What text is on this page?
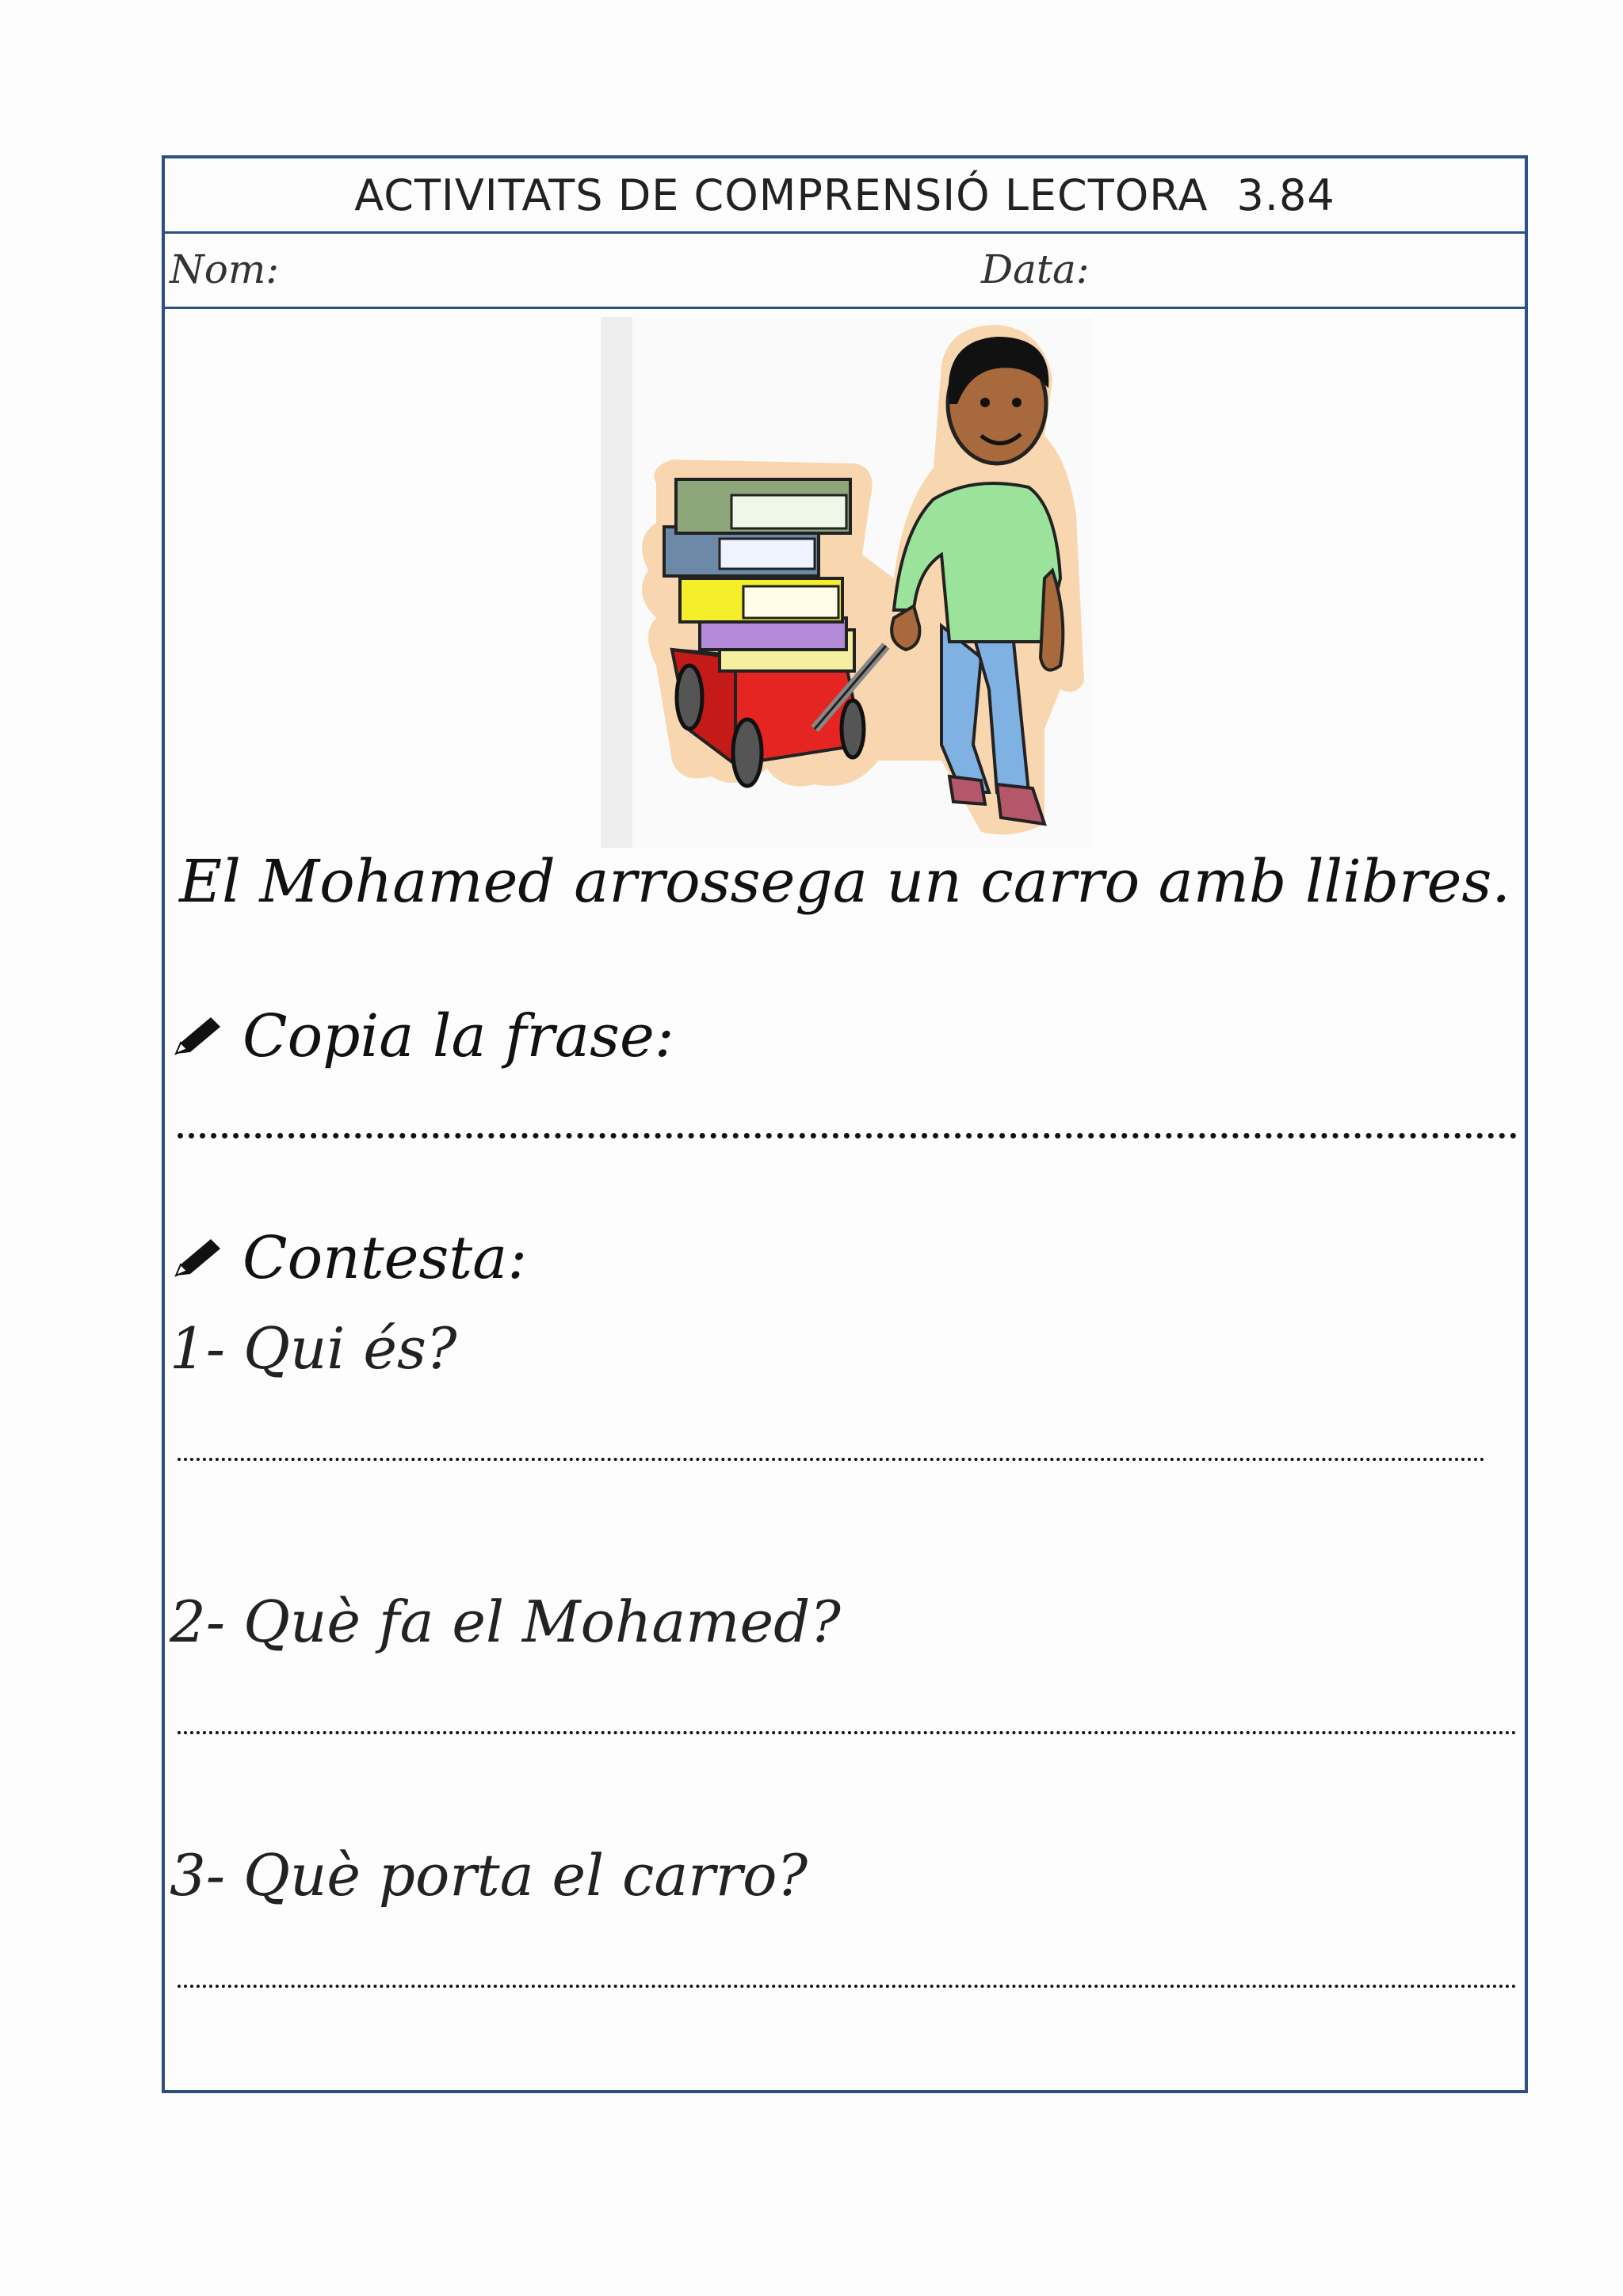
ACTIVITATS DE COMPRENSIÓ LECTORA 3.84
Nom:	Data:
El Mohamed arrossega un carro amb llibres.
Copia la frase:
Contesta:
1- Qui és?
2- Què fa el Mohamed?
3- Què porta el carro?
